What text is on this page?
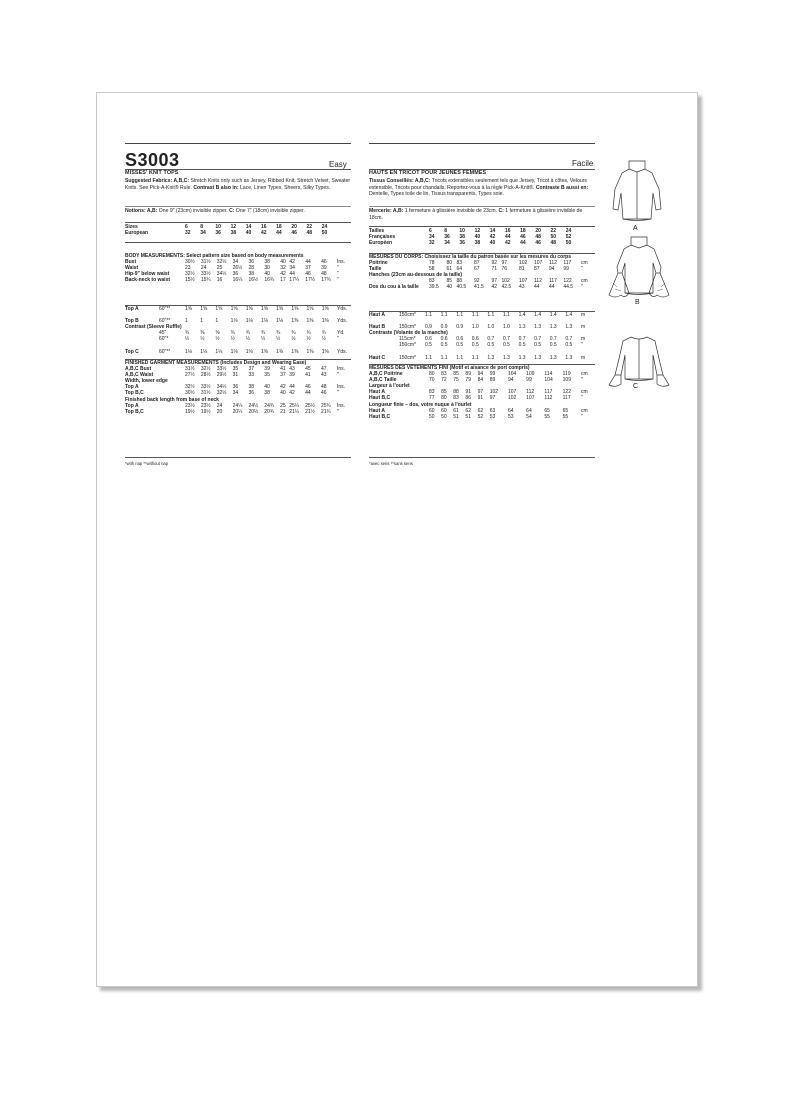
S3003	Easy	Facile
MISSES' KNIT TOPS
Suggested Fabrics: A,B,C: Stretch Knits only such as Jersey, Ribbed Knit, Stretch Velvet, Sweater Knits. See Pick-A-Knit® Rule. Contrast B also in: Lace, Linen Types, Sheers, Silky Types.
Notions: A,B: One 9" (23cm) invisible zipper. C: One 7" (18cm) invisible zipper.
Sizes		6	8	10	12	14	16	18	20	22	24	
European		32	34	36	38	40	42	44	46	48	50	
BODY MEASUREMENTS: Select pattern size based on body measurements											
Bust		30½	31½	32½	34	36	38	40	42	44	46	Ins.
Waist		23	24	25	26½	28	30	32	34	37	39	"
Hip-9" below waist		32½	33½	34½	36	38	40	42	44	46	48	"
Back-neck to waist		15½	15¾	16	16¼	16½	16¾	17	17¼	17½	17¾	"
Top A	60"**	1⅝	1⅝	1⅝	1⅝	1⅝	1⅝	1⅝	1⅝	1⅝	1⅝	Yds.

Top B	60"**	1	1	1	1⅛	1⅛	1⅛	1⅛	1⅜	1⅜	1⅜	Yds.
Contrast (Sleeve Ruffle)												
	45"	¾	⅝	⅝	¾	¾	¾	¾	¾	¾	¾	Yd.
	60"*	½	½	½	½	½	½	½	½	½	½	"

Top C	60"**	1⅛	1⅛	1⅛	1⅛	1⅜	1⅜	1⅜	1⅜	1⅜	1⅜	Yds.
FINISHED GARMENT MEASUREMENTS (Includes Design and Wearing Ease)											
A,B,C Bust		31½	32½	33½	35	37	39	41	43	45	47	Ins.
A,B,C Waist		27½	28½	29½	31	33	35	37	39	41	43	"
Width, lower edge											
Top A		32½	33½	34½	36	38	40	42	44	46	48	Ins.
Top B,C		30½	31½	32½	34	36	38	40	42	44	46	"
Finished back length from base of neck											
Top A		23½	23½	24	24¼	24½	24¾	25	25¼	25½	25¾	Ins.
Top B,C		19½	19½	20	20¼	20½	20¾	21	21¼	21½	21¾	"
*with nap **without nap
HAUTS EN TRICOT POUR JEUNES FEMMES
Tissus Conseillés: A,B,C: Tricots extensibles seulement tels que Jersey, Tricot à côtes, Velours extensible, Tricots pour chandails. Reportez-vous à la règle Pick-A-Knit®. Contraste B aussi en: Dentelle, Types toile de lin, Tissus transparents, Types soie.
Mercerie: A,B: 1 fermeture à glissière invisible de 23cm. C: 1 fermeture à glissière invisible de 18cm.
Tailles		6	8	10	12	14	16	18	20	22	24	
Françaises		34	36	38	40	42	44	46	48	50	52	
Européen		32	34	36	38	40	42	44	46	48	50	
MESURES DU CORPS: Choisissez la taille du patron basée sur les mesures du corps											
Poitrine		78	80	83	87	92	97	102	107	112	117	cm
Taille		58	61	64	67	71	76	81	87	94	99	"
Hanches (23cm au-dessous de la taille)											
		83	85	88	92	97	102	107	112	117	122	cm
Dos du cou à la taille		39.5	40	40.5	41.5	42	42.5	43	44	44	44.5	"
Haut A	150cm*	1.1	1.1	1.1	1.1	1.1	1.1	1.4	1.4	1.4	1.4	m

Haut B	150cm*	0.9	0.9	0.9	1.0	1.0	1.0	1.3	1.3	1.3	1.3	m
Contraste (Volante de la manche)												
	115cm*	0.6	0.6	0.6	0.6	0.7	0.7	0.7	0.7	0.7	0.7	m
	150cm*	0.5	0.5	0.5	0.5	0.5	0.5	0.5	0.5	0.5	0.5	"

Haut C	150cm*	1.1	1.1	1.1	1.1	1.3	1.3	1.3	1.3	1.3	1.3	m
MESURES DES VÊTEMENTS FINI (Motif et aisance de port compris)											
A,B,C Poitrine		80	83	85	89	94	99	104	109	114	119	cm
A,B,C Taille		70	72	75	79	84	89	94	99	104	109	"
Largeur à l'ourlet											
Haut A		83	85	88	91	97	102	107	112	117	122	cm
Haut B,C		77	80	83	86	91	97	102	107	112	117	"
Longueur finie – dos, votre nuque à l'ourlet											
Haut A		60	60	61	62	62	63	64	64	65	65	cm
Haut B,C		50	50	51	51	52	53	53	54	55	55	"
*avec sens **sans sens
A
B
C
